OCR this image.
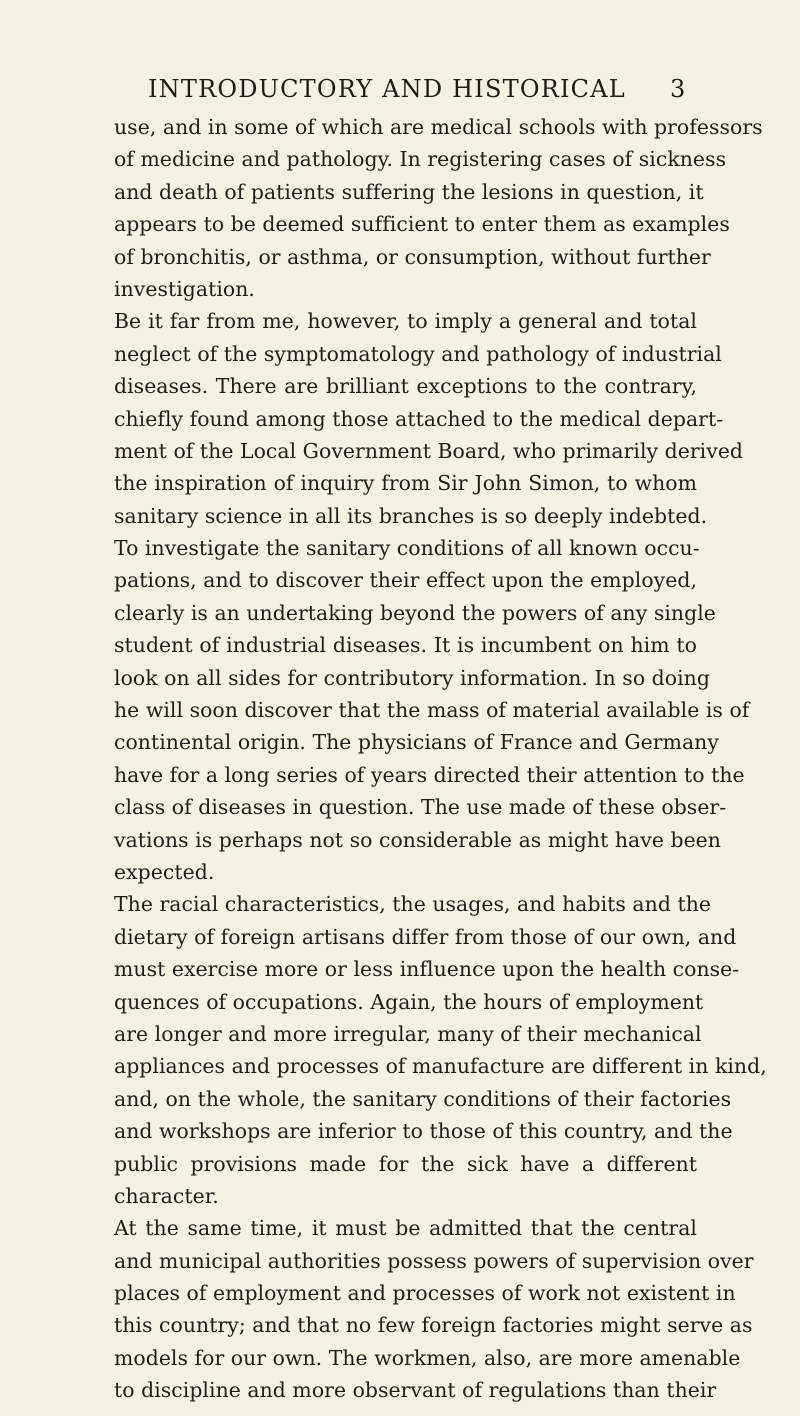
INTRODUCTORY AND HISTORICAL 3
use, and in some of which are medical schools with professors
of medicine and pathology. In registering cases of sickness
and death of patients suffering the lesions in question, it
appears to be deemed sufficient to enter them as examples
of bronchitis, or asthma, or consumption, without further
investigation.
Be it far from me, however, to imply a general and total
neglect of the symptomatology and pathology of industrial
diseases. There are brilliant exceptions to the contrary,
chiefly found among those attached to the medical depart-
ment of the Local Government Board, who primarily derived
the inspiration of inquiry from Sir John Simon, to whom
sanitary science in all its branches is so deeply indebted.
To investigate the sanitary conditions of all known occu-
pations, and to discover their effect upon the employed,
clearly is an undertaking beyond the powers of any single
student of industrial diseases. It is incumbent on him to
look on all sides for contributory information. In so doing
he will soon discover that the mass of material available is of
continental origin. The physicians of France and Germany
have for a long series of years directed their attention to the
class of diseases in question. The use made of these obser-
vations is perhaps not so considerable as might have been
expected.
The racial characteristics, the usages, and habits and the
dietary of foreign artisans differ from those of our own, and
must exercise more or less influence upon the health conse-
quences of occupations. Again, the hours of employment
are longer and more irregular, many of their mechanical
appliances and processes of manufacture are different in kind,
and, on the whole, the sanitary conditions of their factories
and workshops are inferior to those of this country, and the
public provisions made for the sick have a different
character.
At the same time, it must be admitted that the central
and municipal authorities possess powers of supervision over
places of employment and processes of work not existent in
this country; and that no few foreign factories might serve as
models for our own. The workmen, also, are more amenable
to discipline and more observant of regulations than their
